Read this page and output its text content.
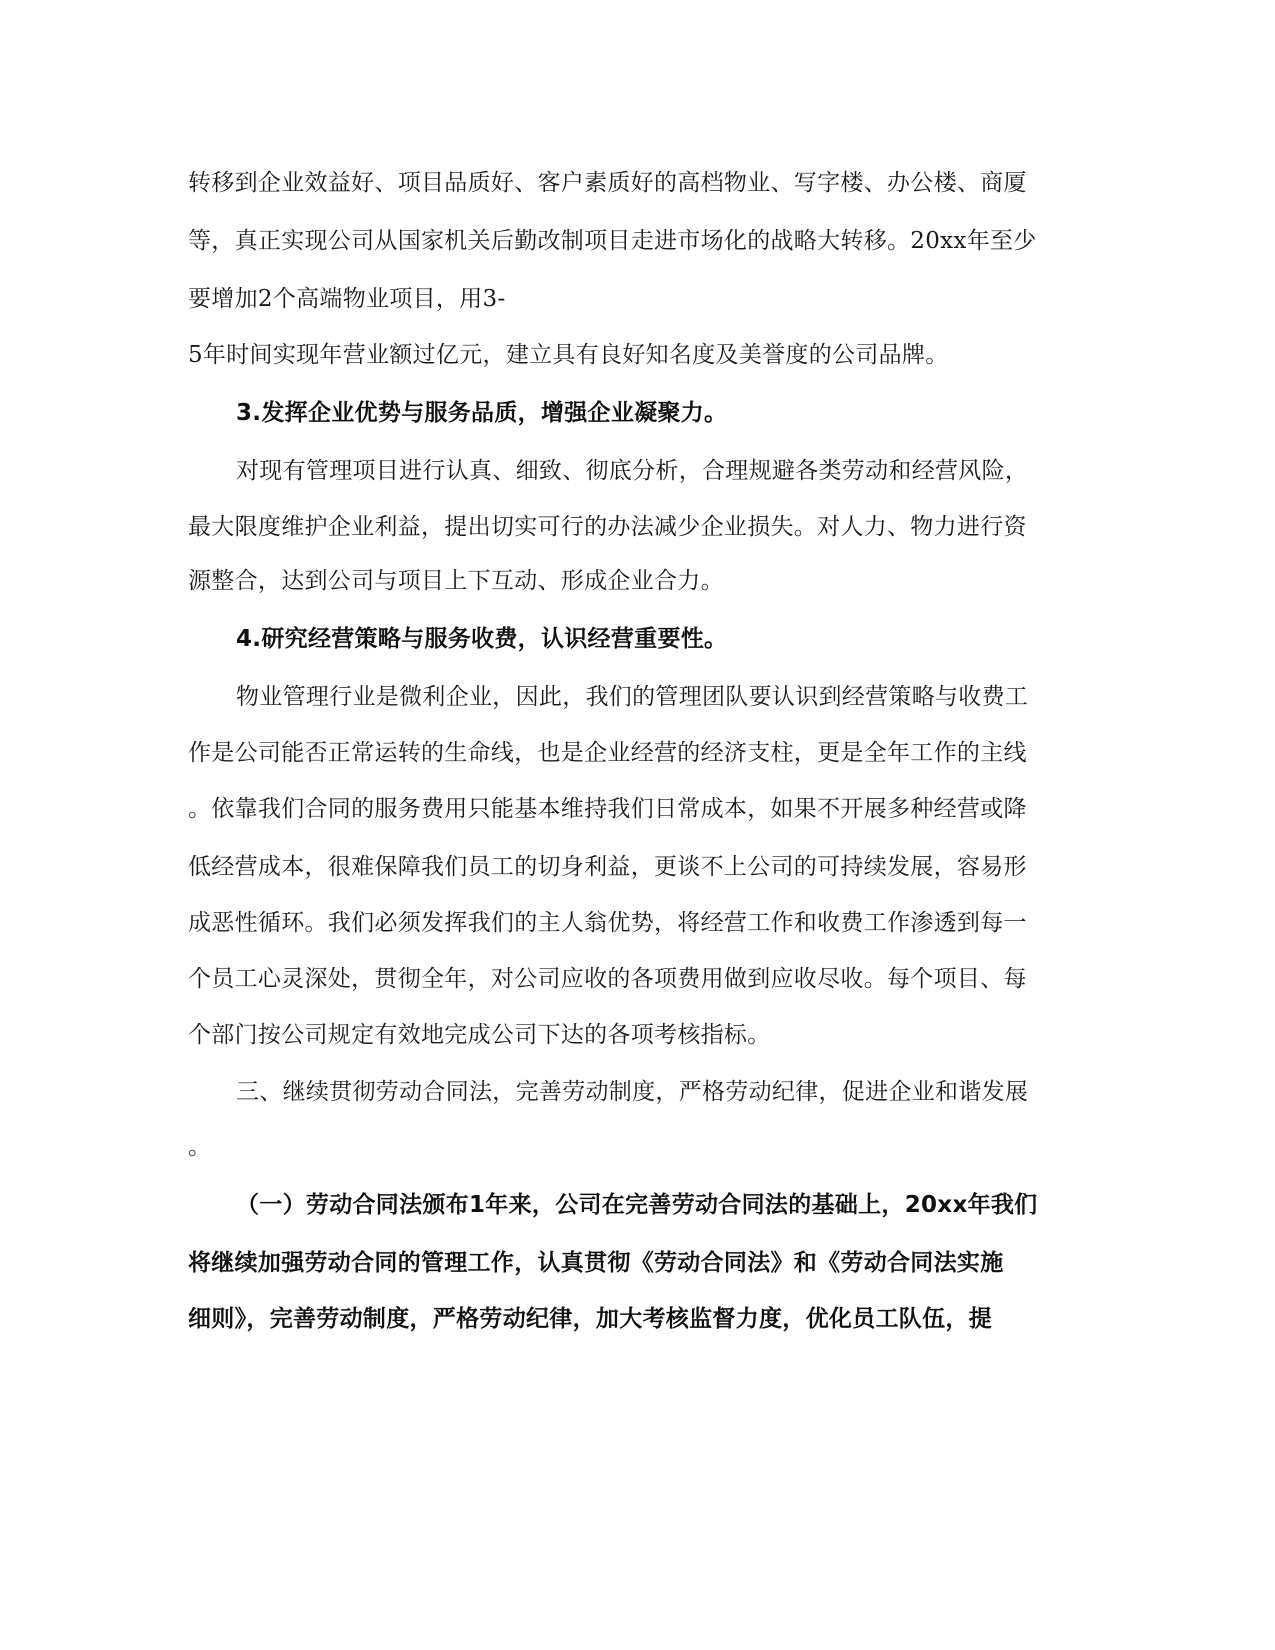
转移到企业效益好、项目品质好、客户素质好的高档物业、写字楼、办公楼、商厦
等，真正实现公司从国家机关后勤改制项目走进市场化的战略大转移。20xx年至少
要增加2个高端物业项目，用3-
5年时间实现年营业额过亿元，建立具有良好知名度及美誉度的公司品牌。
3.发挥企业优势与服务品质，增强企业凝聚力。
对现有管理项目进行认真、细致、彻底分析，合理规避各类劳动和经营风险，
最大限度维护企业利益，提出切实可行的办法减少企业损失。对人力、物力进行资
源整合，达到公司与项目上下互动、形成企业合力。
4.研究经营策略与服务收费，认识经营重要性。
物业管理行业是微利企业，因此，我们的管理团队要认识到经营策略与收费工
作是公司能否正常运转的生命线，也是企业经营的经济支柱，更是全年工作的主线
。依靠我们合同的服务费用只能基本维持我们日常成本，如果不开展多种经营或降
低经营成本，很难保障我们员工的切身利益，更谈不上公司的可持续发展，容易形
成恶性循环。我们必须发挥我们的主人翁优势，将经营工作和收费工作渗透到每一
个员工心灵深处，贯彻全年，对公司应收的各项费用做到应收尽收。每个项目、每
个部门按公司规定有效地完成公司下达的各项考核指标。
三、继续贯彻劳动合同法，完善劳动制度，严格劳动纪律，促进企业和谐发展
。
（一）劳动合同法颁布1年来，公司在完善劳动合同法的基础上，20xx年我们
将继续加强劳动合同的管理工作，认真贯彻《劳动合同法》和《劳动合同法实施
细则》，完善劳动制度，严格劳动纪律，加大考核监督力度，优化员工队伍，提
